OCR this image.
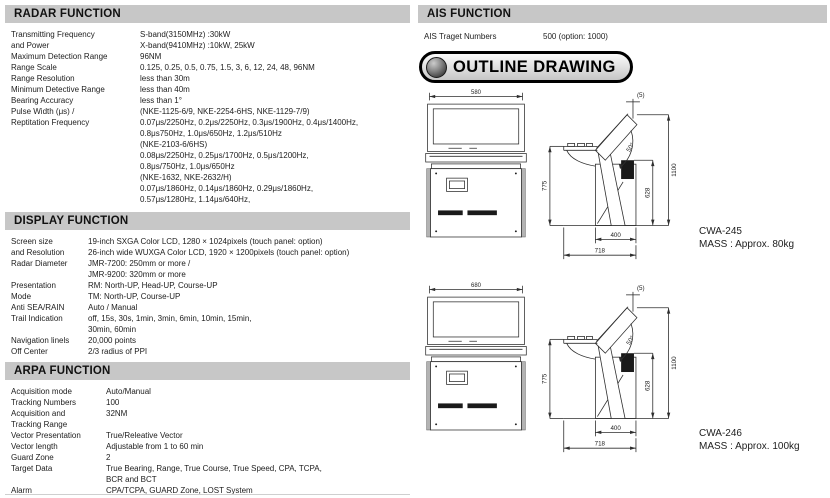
RADAR FUNCTION
Transmitting Frequency	S-band(3150MHz) :30kW
and Power	X-band(9410MHz) :10kW, 25kW
Maximum Detection Range	96NM
Range Scale	0.125, 0.25, 0.5, 0.75, 1.5, 3, 6, 12, 24, 48, 96NM
Range Resolution	less than 30m
Minimum Detective Range	less than 40m
Bearing Accuracy	less than 1°
Pulse Width (μs) /	(NKE-1125-6/9, NKE-2254-6HS, NKE-1129-7/9)
Reptitation Frequency	0.07μs/2250Hz, 0.2μs/2250Hz, 0.3μs/1900Hz, 0.4μs/1400Hz,
0.8μs750Hz, 1.0μs/650Hz, 1.2μs/510Hz
(NKE-2103-6/6HS)
0.08μs/2250Hz, 0.25μs/1700Hz, 0.5μs/1200Hz,
0.8μs/750Hz, 1.0μs/650Hz
(NKE-1632, NKE-2632/H)
0.07μs/1860Hz, 0.14μs/1860Hz, 0.29μs/1860Hz,
0.57μs/1280Hz, 1.14μs/640Hz,
DISPLAY FUNCTION
Screen size	19-inch SXGA Color LCD, 1280 × 1024pixels (touch panel: option)
and Resolution	26-inch wide WUXGA Color LCD, 1920 × 1200pixels (touch panel: option)
Radar Diameter	JMR-7200: 250mm or more /
JMR-9200: 320mm or more
Presentation	RM: North-UP, Head-UP, Course-UP
Mode	TM: North-UP, Course-UP
Anti SEA/RAIN	Auto / Manual
Trail Indication	off, 15s, 30s, 1min, 3min, 6min, 10min, 15min,
30min, 60min
Navigation linels	20,000 points
Off Center	2/3 radius of PPI
ARPA FUNCTION
Acquisition mode	Auto/Manual
Tracking Numbers	100
Acquisition and	32NM
Tracking Range
Vector Presentation	True/Releative Vector
Vector length	Adjustable from 1 to 60 min
Guard Zone	2
Target Data	True Bearing, Range, True Course, True Speed, CPA, TCPA,
BCR and BCT
Alarm	CPA/TCPA, GUARD Zone, LOST System
AIS FUNCTION
AIS Traget Numbers	500 (option: 1000)
OUTLINE DRAWING
580
775
1100
628
400
718
(5)
50°
CWA-245
MASS : Approx. 80kg
680
775
1100
628
400
718
(5)
50°
CWA-246
MASS : Approx. 100kg
